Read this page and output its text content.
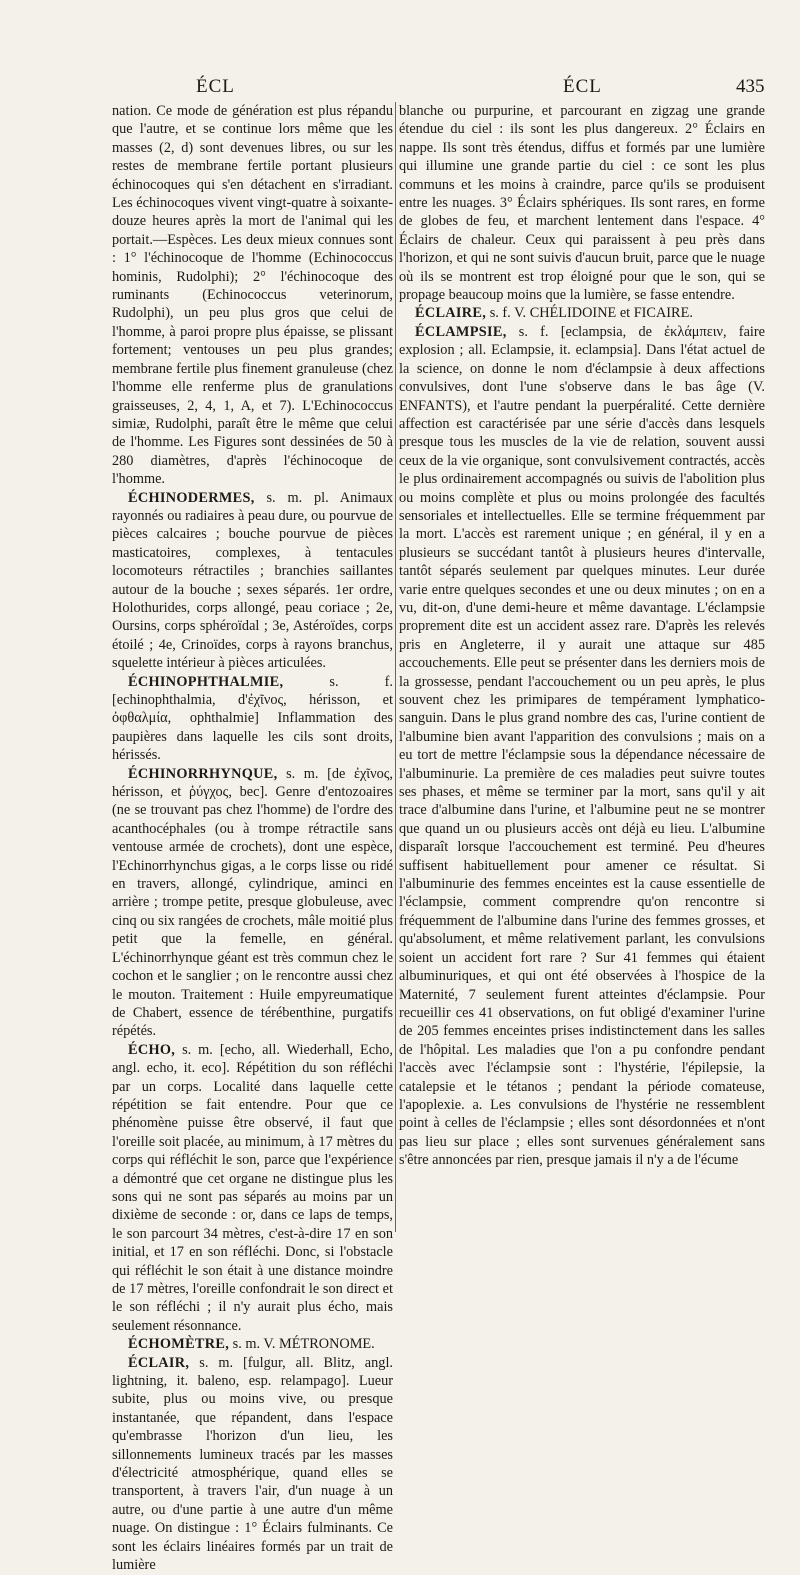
ÉCL	ÉCL	435

nation. Ce mode de génération est plus répandu que l'autre, et se continue lors même que les masses (2, d) sont devenues libres, ou sur les restes de membrane fertile portant plusieurs échinocoques qui s'en détachent en s'irradiant. Les échinocoques vivent vingt-quatre à soixante-douze heures après la mort de l'animal qui les portait.—Espèces. Les deux mieux connues sont : 1° l'échinocoque de l'homme (Echinococcus hominis, Rudolphi); 2° l'échinocoque des ruminants (Echinococcus veterinorum, Rudolphi), un peu plus gros que celui de l'homme, à paroi propre plus épaisse, se plissant fortement; ventouses un peu plus grandes; membrane fertile plus finement granuleuse (chez l'homme elle renferme plus de granulations graisseuses, 2, 4, 1, A, et 7). L'Echinococcus simiæ, Rudolphi, paraît être le même que celui de l'homme. Les Figures sont dessinées de 50 à 280 diamètres, d'après l'échinocoque de l'homme.

ÉCHINODERMES, s. m. pl. Animaux rayonnés ou radiaires à peau dure, ou pourvue de pièces calcaires ; bouche pourvue de pièces masticatoires, complexes, à tentacules locomoteurs rétractiles ; branchies saillantes autour de la bouche ; sexes séparés. 1er ordre, Holothurides, corps allongé, peau coriace ; 2e, Oursins, corps sphéroïdal ; 3e, Astéroïdes, corps étoilé ; 4e, Crinoïdes, corps à rayons branchus, squelette intérieur à pièces articulées.

ÉCHINOPHTHALMIE, s. f. [echinophthalmia, d'ἐχῖνος, hérisson, et ὀφθαλμία, ophthalmie] Inflammation des paupières dans laquelle les cils sont droits, hérissés.

ÉCHINORRHYNQUE, s. m. [de ἐχῖνος, hérisson, et ῥύγχος, bec]. Genre d'entozoaires (ne se trouvant pas chez l'homme) de l'ordre des acanthocéphales (ou à trompe rétractile sans ventouse armée de crochets), dont une espèce, l'Echinorrhynchus gigas, a le corps lisse ou ridé en travers, allongé, cylindrique, aminci en arrière ; trompe petite, presque globuleuse, avec cinq ou six rangées de crochets, mâle moitié plus petit que la femelle, en général. L'échinorrhynque géant est très commun chez le cochon et le sanglier ; on le rencontre aussi chez le mouton. Traitement : Huile empyreumatique de Chabert, essence de térébenthine, purgatifs répétés.

ÉCHO, s. m. [echo, all. Wiederhall, Echo, angl. echo, it. eco]. Répétition du son réfléchi par un corps. Localité dans laquelle cette répétition se fait entendre. Pour que ce phénomène puisse être observé, il faut que l'oreille soit placée, au minimum, à 17 mètres du corps qui réfléchit le son, parce que l'expérience a démontré que cet organe ne distingue plus les sons qui ne sont pas séparés au moins par un dixième de seconde : or, dans ce laps de temps, le son parcourt 34 mètres, c'est-à-dire 17 en son initial, et 17 en son réfléchi. Donc, si l'obstacle qui réfléchit le son était à une distance moindre de 17 mètres, l'oreille confondrait le son direct et le son réfléchi ; il n'y aurait plus écho, mais seulement résonnance.

ÉCHOMÈTRE, s. m. V. MÉTRONOME.

ÉCLAIR, s. m. [fulgur, all. Blitz, angl. lightning, it. baleno, esp. relampago]. Lueur subite, plus ou moins vive, ou presque instantanée, que répandent, dans l'espace qu'embrasse l'horizon d'un lieu, les sillonnements lumineux tracés par les masses d'électricité atmosphérique, quand elles se transportent, à travers l'air, d'un nuage à un autre, ou d'une partie à une autre d'un même nuage. On distingue : 1° Éclairs fulminants. Ce sont les éclairs linéaires formés par un trait de lumière

blanche ou purpurine, et parcourant en zigzag une grande étendue du ciel : ils sont les plus dangereux. 2° Éclairs en nappe. Ils sont très étendus, diffus et formés par une lumière qui illumine une grande partie du ciel : ce sont les plus communs et les moins à craindre, parce qu'ils se produisent entre les nuages. 3° Éclairs sphériques. Ils sont rares, en forme de globes de feu, et marchent lentement dans l'espace. 4° Éclairs de chaleur. Ceux qui paraissent à peu près dans l'horizon, et qui ne sont suivis d'aucun bruit, parce que le nuage où ils se montrent est trop éloigné pour que le son, qui se propage beaucoup moins que la lumière, se fasse entendre.

ÉCLAIRE, s. f. V. CHÉLIDOINE et FICAIRE.

ÉCLAMPSIE, s. f. [eclampsia, de ἐκλάμπειν, faire explosion ; all. Eclampsie, it. eclampsia]. Dans l'état actuel de la science, on donne le nom d'éclampsie à deux affections convulsives, dont l'une s'observe dans le bas âge (V. ENFANTS), et l'autre pendant la puerpéralité. Cette dernière affection est caractérisée par une série d'accès dans lesquels presque tous les muscles de la vie de relation, souvent aussi ceux de la vie organique, sont convulsivement contractés, accès le plus ordinairement accompagnés ou suivis de l'abolition plus ou moins complète et plus ou moins prolongée des facultés sensoriales et intellectuelles. Elle se termine fréquemment par la mort. L'accès est rarement unique ; en général, il y en a plusieurs se succédant tantôt à plusieurs heures d'intervalle, tantôt séparés seulement par quelques minutes. Leur durée varie entre quelques secondes et une ou deux minutes ; on en a vu, dit-on, d'une demi-heure et même davantage. L'éclampsie proprement dite est un accident assez rare. D'après les relevés pris en Angleterre, il y aurait une attaque sur 485 accouchements. Elle peut se présenter dans les derniers mois de la grossesse, pendant l'accouchement ou un peu après, le plus souvent chez les primipares de tempérament lymphatico-sanguin. Dans le plus grand nombre des cas, l'urine contient de l'albumine bien avant l'apparition des convulsions ; mais on a eu tort de mettre l'éclampsie sous la dépendance nécessaire de l'albuminurie. La première de ces maladies peut suivre toutes ses phases, et même se terminer par la mort, sans qu'il y ait trace d'albumine dans l'urine, et l'albumine peut ne se montrer que quand un ou plusieurs accès ont déjà eu lieu. L'albumine disparaît lorsque l'accouchement est terminé. Peu d'heures suffisent habituellement pour amener ce résultat. Si l'albuminurie des femmes enceintes est la cause essentielle de l'éclampsie, comment comprendre qu'on rencontre si fréquemment de l'albumine dans l'urine des femmes grosses, et qu'absolument, et même relativement parlant, les convulsions soient un accident fort rare ? Sur 41 femmes qui étaient albuminuriques, et qui ont été observées à l'hospice de la Maternité, 7 seulement furent atteintes d'éclampsie. Pour recueillir ces 41 observations, on fut obligé d'examiner l'urine de 205 femmes enceintes prises indistinctement dans les salles de l'hôpital. Les maladies que l'on a pu confondre pendant l'accès avec l'éclampsie sont : l'hystérie, l'épilepsie, la catalepsie et le tétanos ; pendant la période comateuse, l'apoplexie. a. Les convulsions de l'hystérie ne ressemblent point à celles de l'éclampsie ; elles sont désordonnées et n'ont pas lieu sur place ; elles sont survenues généralement sans s'être annoncées par rien, presque jamais il n'y a de l'écume
